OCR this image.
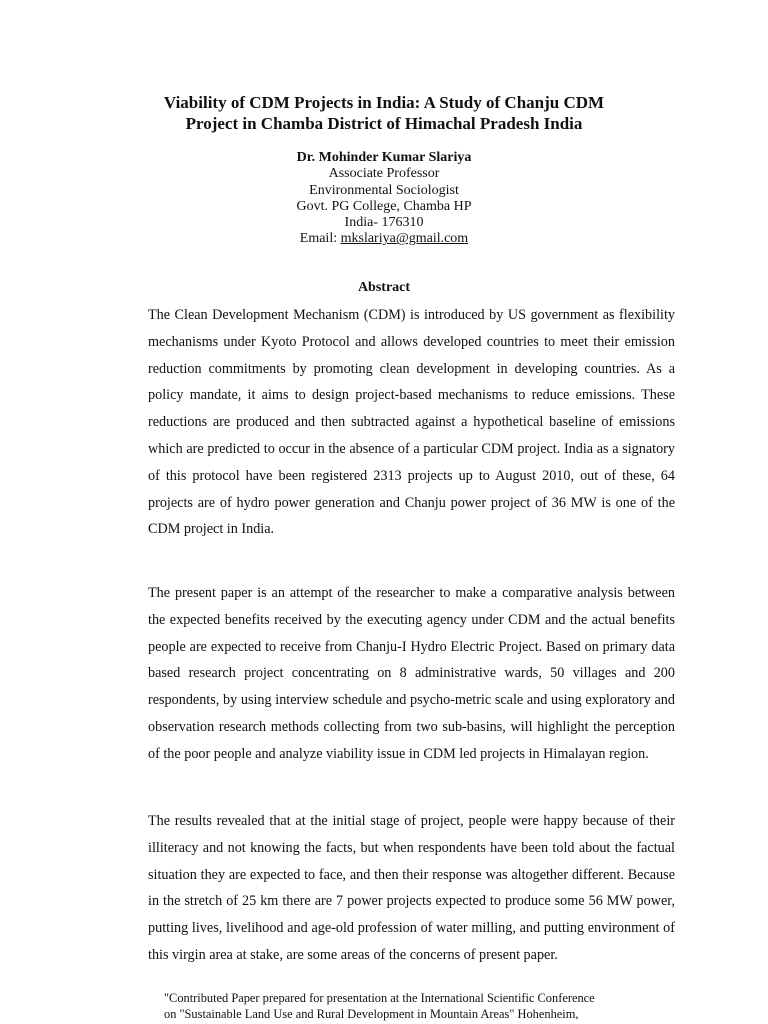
Viability of CDM Projects in India: A Study of Chanju CDM
Project in Chamba District of Himachal Pradesh India
Dr. Mohinder Kumar Slariya
Associate Professor
Environmental Sociologist
Govt. PG College, Chamba HP
India- 176310
Email: mkslariya@gmail.com
Abstract

The Clean Development Mechanism (CDM) is introduced by US government as flexibility mechanisms under Kyoto Protocol and allows developed countries to meet their emission reduction commitments by promoting clean development in developing countries. As a policy mandate, it aims to design project-based mechanisms to reduce emissions. These reductions are produced and then subtracted against a hypothetical baseline of emissions which are predicted to occur in the absence of a particular CDM project. India as a signatory of this protocol have been registered 2313 projects up to August 2010, out of these, 64 projects are of hydro power generation and Chanju power project of 36 MW is one of the CDM project in India.

The present paper is an attempt of the researcher to make a comparative analysis between the expected benefits received by the executing agency under CDM and the actual benefits people are expected to receive from Chanju-I Hydro Electric Project. Based on primary data based research project concentrating on 8 administrative wards, 50 villages and 200 respondents, by using interview schedule and psycho-metric scale and using exploratory and observation research methods collecting from two sub-basins, will highlight the perception of the poor people and analyze viability issue in CDM led projects in Himalayan region.

The results revealed that at the initial stage of project, people were happy because of their illiteracy and not knowing the facts, but when respondents have been told about the factual situation they are expected to face, and then their response was altogether different. Because in the stretch of 25 km there are 7 power projects expected to produce some 56 MW power, putting lives, livelihood and age-old profession of water milling, and putting environment of this virgin area at stake, are some areas of the concerns of present paper.

"Contributed Paper prepared for presentation at the International Scientific Conference
on "Sustainable Land Use and Rural Development in Mountain Areas" Hohenheim,
